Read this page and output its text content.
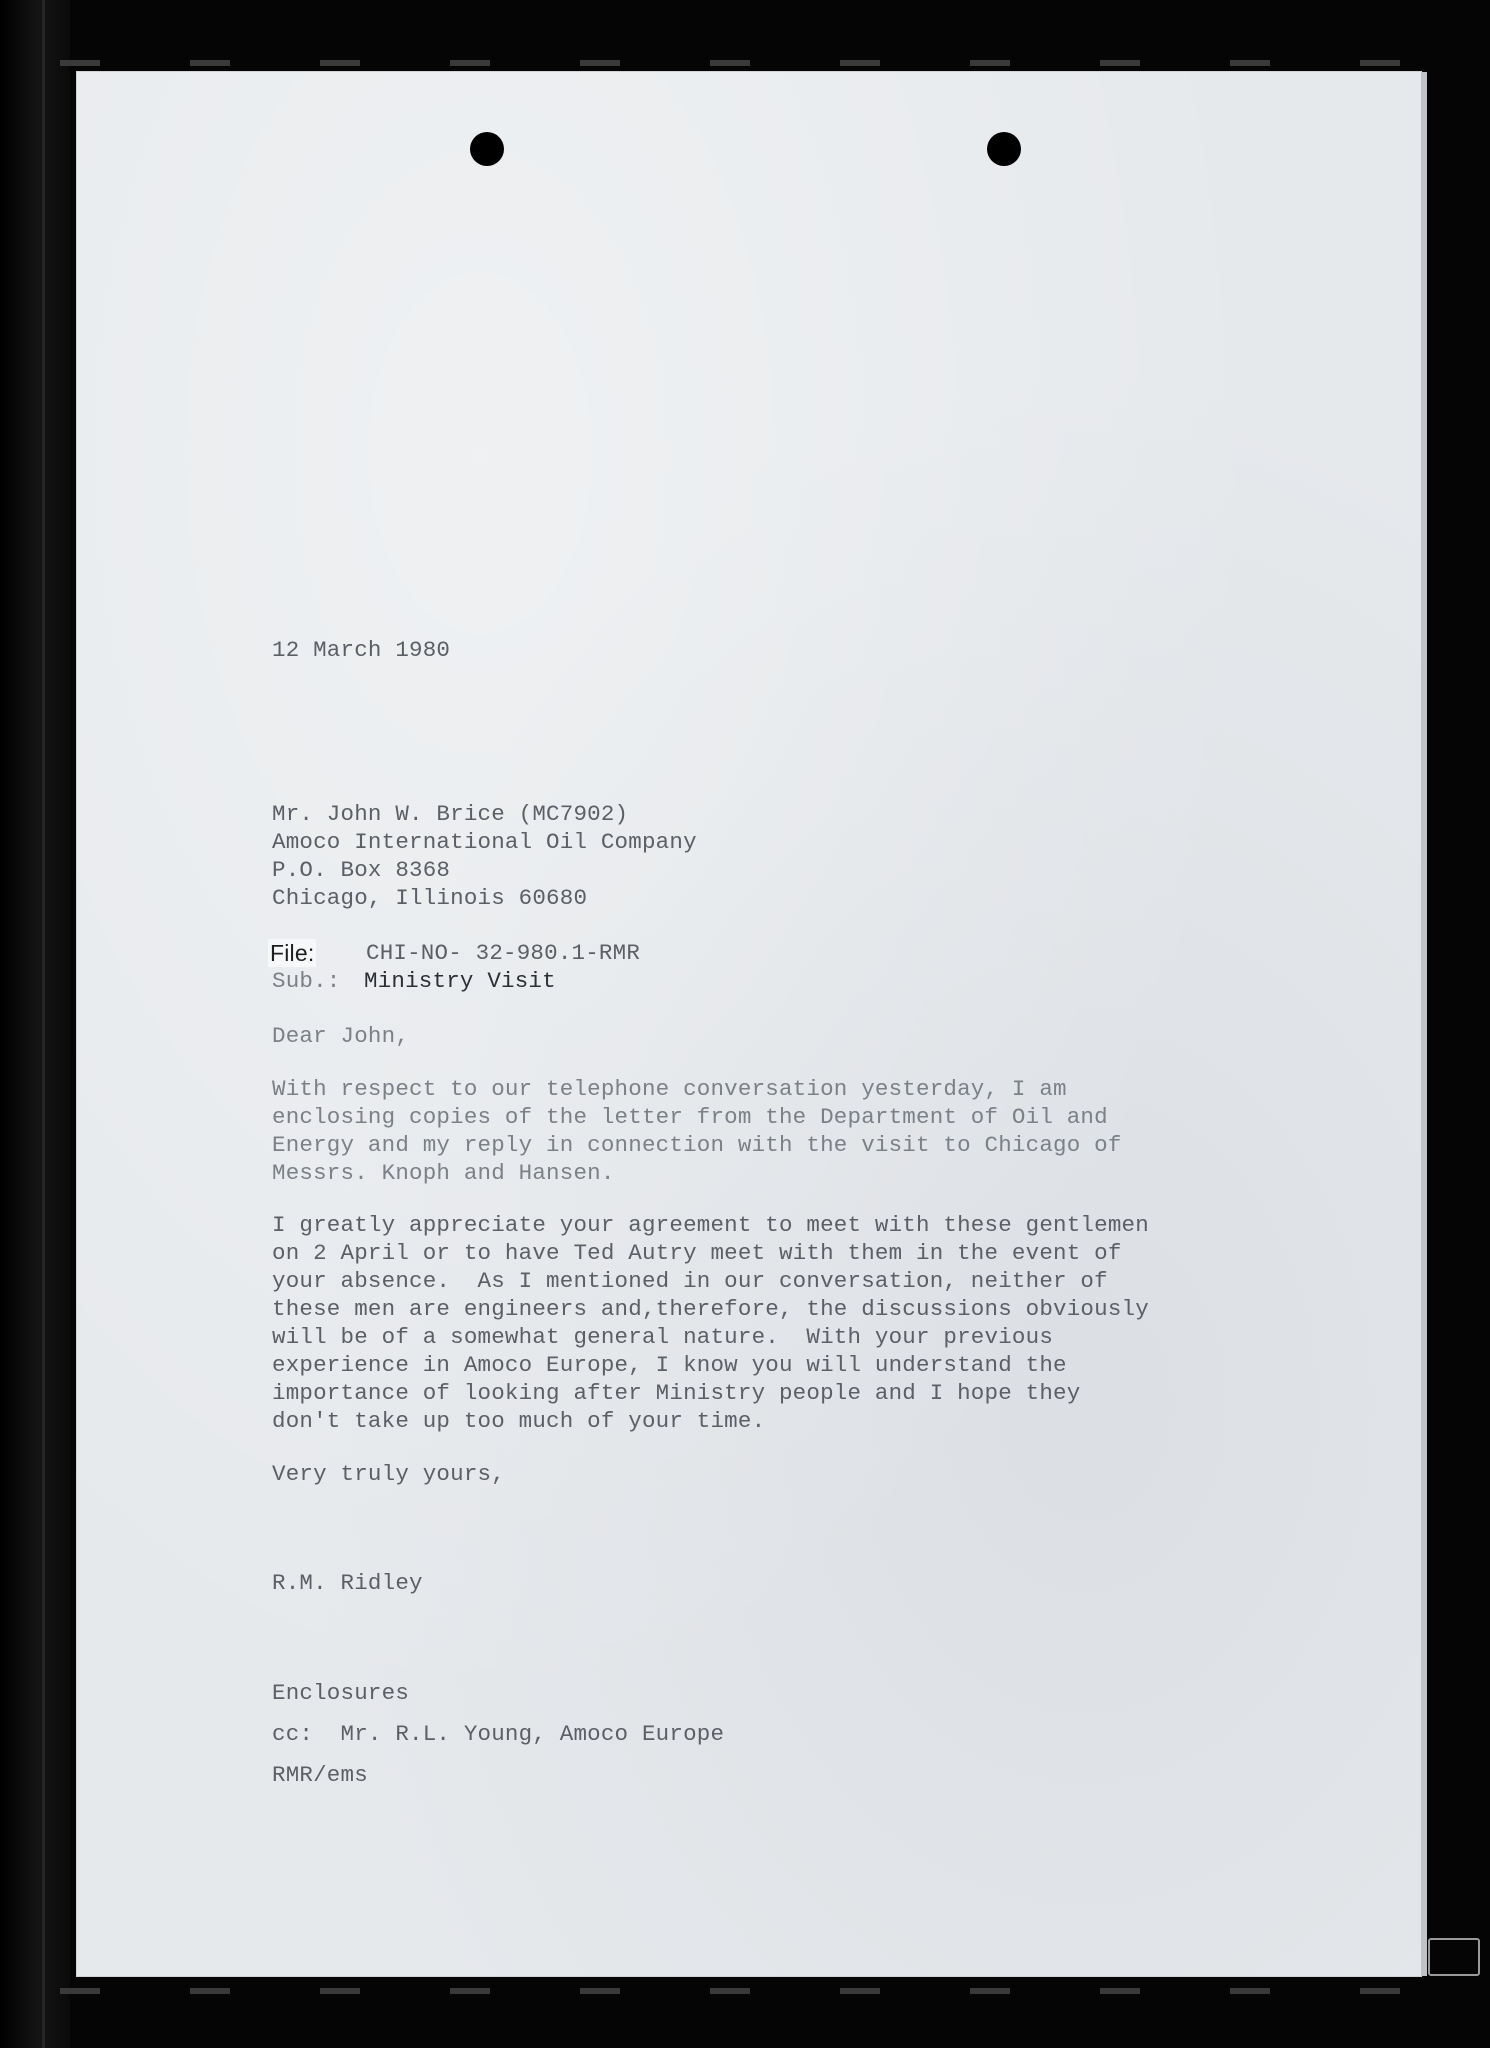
12 March 1980
Mr. John W. Brice (MC7902)
Amoco International Oil Company
P.O. Box 8368
Chicago, Illinois 60680
File: CHI-NO- 32-980.1-RMR
Sub.: Ministry Visit
Dear John,
With respect to our telephone conversation yesterday, I am
enclosing copies of the letter from the Department of Oil and
Energy and my reply in connection with the visit to Chicago of
Messrs. Knoph and Hansen.
I greatly appreciate your agreement to meet with these gentlemen
on 2 April or to have Ted Autry meet with them in the event of
your absence.  As I mentioned in our conversation, neither of
these men are engineers and,therefore, the discussions obviously
will be of a somewhat general nature.  With your previous
experience in Amoco Europe, I know you will understand the
importance of looking after Ministry people and I hope they
don't take up too much of your time.
Very truly yours,
R.M. Ridley
Enclosures
cc:  Mr. R.L. Young, Amoco Europe
RMR/ems
